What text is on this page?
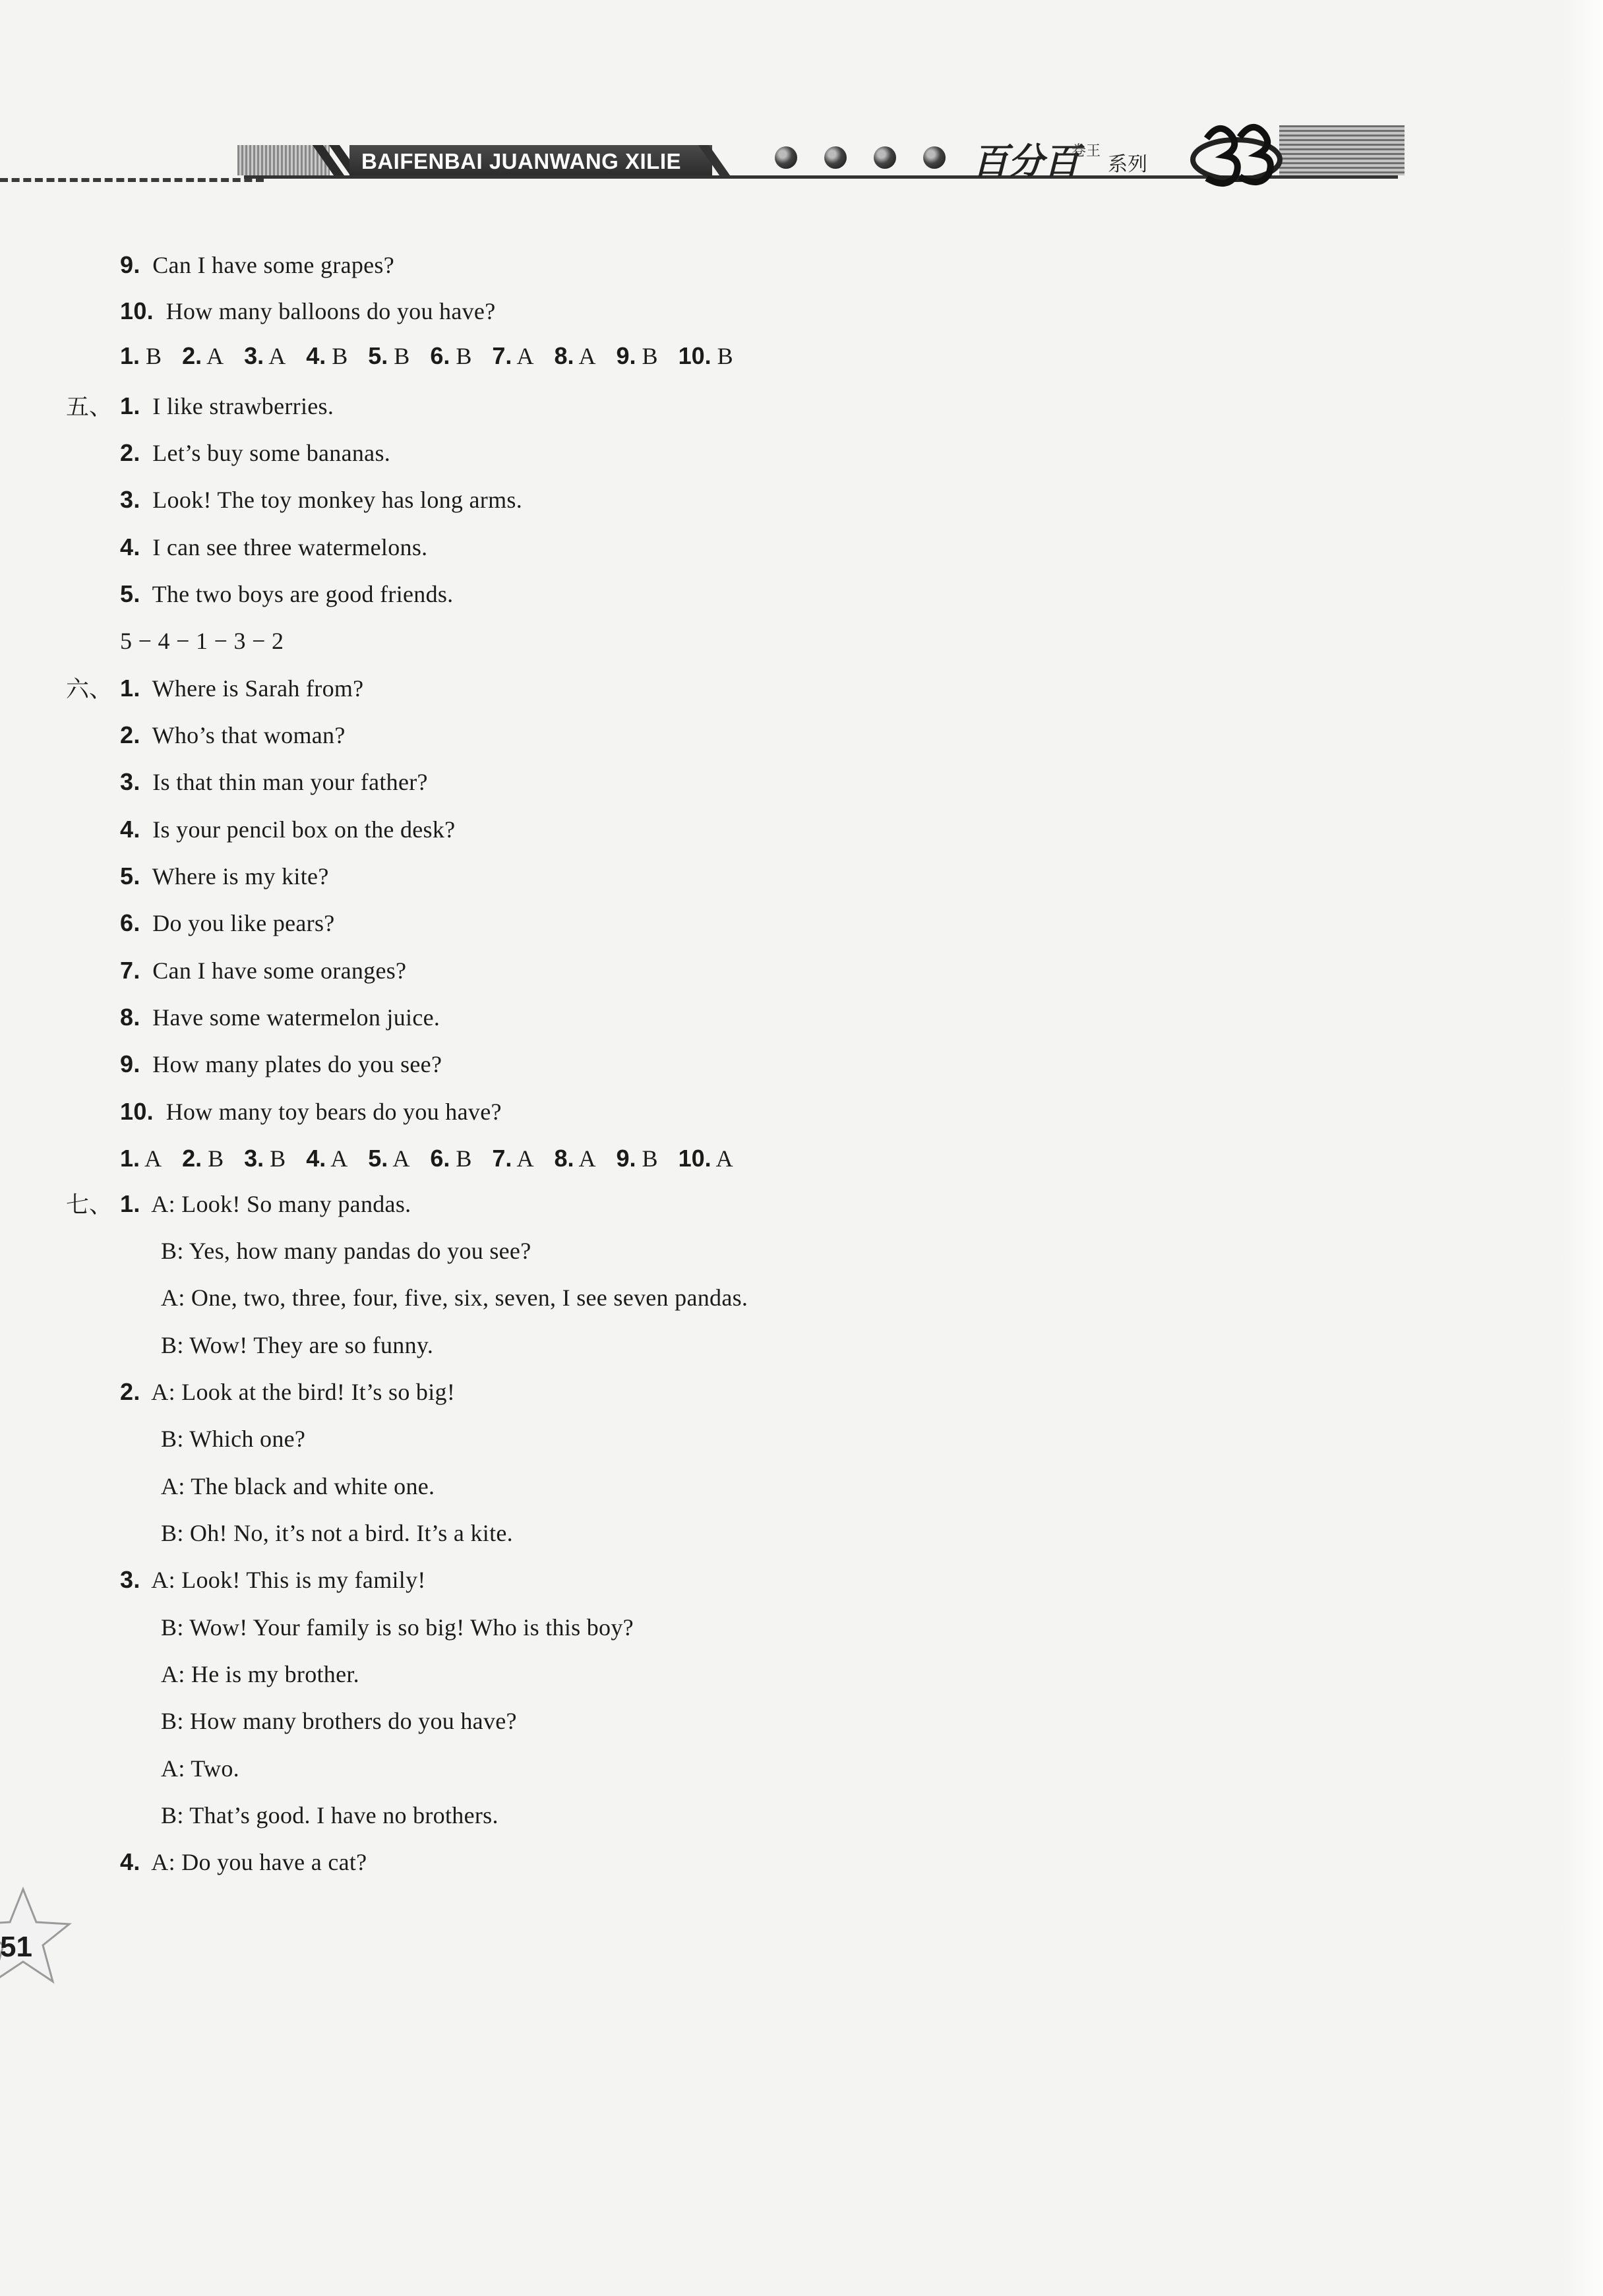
BAIFENBAI JUANWANG XILIE	百分百
卷王
系列
9. Can I have some grapes?
10. How many balloons do you have?
1. B 2. A 3. A 4. B 5. B 6. B 7. A 8. A 9. B 10. B
五、 1. I like strawberries.
2. Let’s buy some bananas.
3. Look! The toy monkey has long arms.
4. I can see three watermelons.
5. The two boys are good friends.
5 − 4 − 1 − 3 − 2
六、 1. Where is Sarah from?
2. Who’s that woman?
3. Is that thin man your father?
4. Is your pencil box on the desk?
5. Where is my kite?
6. Do you like pears?
7. Can I have some oranges?
8. Have some watermelon juice.
9. How many plates do you see?
10. How many toy bears do you have?
1. A 2. B 3. B 4. A 5. A 6. B 7. A 8. A 9. B 10. A
七、 1. A: Look! So many pandas.
B: Yes, how many pandas do you see?
A: One, two, three, four, five, six, seven, I see seven pandas.
B: Wow! They are so funny.
2. A: Look at the bird! It’s so big!
B: Which one?
A: The black and white one.
B: Oh! No, it’s not a bird. It’s a kite.
3. A: Look! This is my family!
B: Wow! Your family is so big! Who is this boy?
A: He is my brother.
B: How many brothers do you have?
A: Two.
B: That’s good. I have no brothers.
4. A: Do you have a cat?
51
